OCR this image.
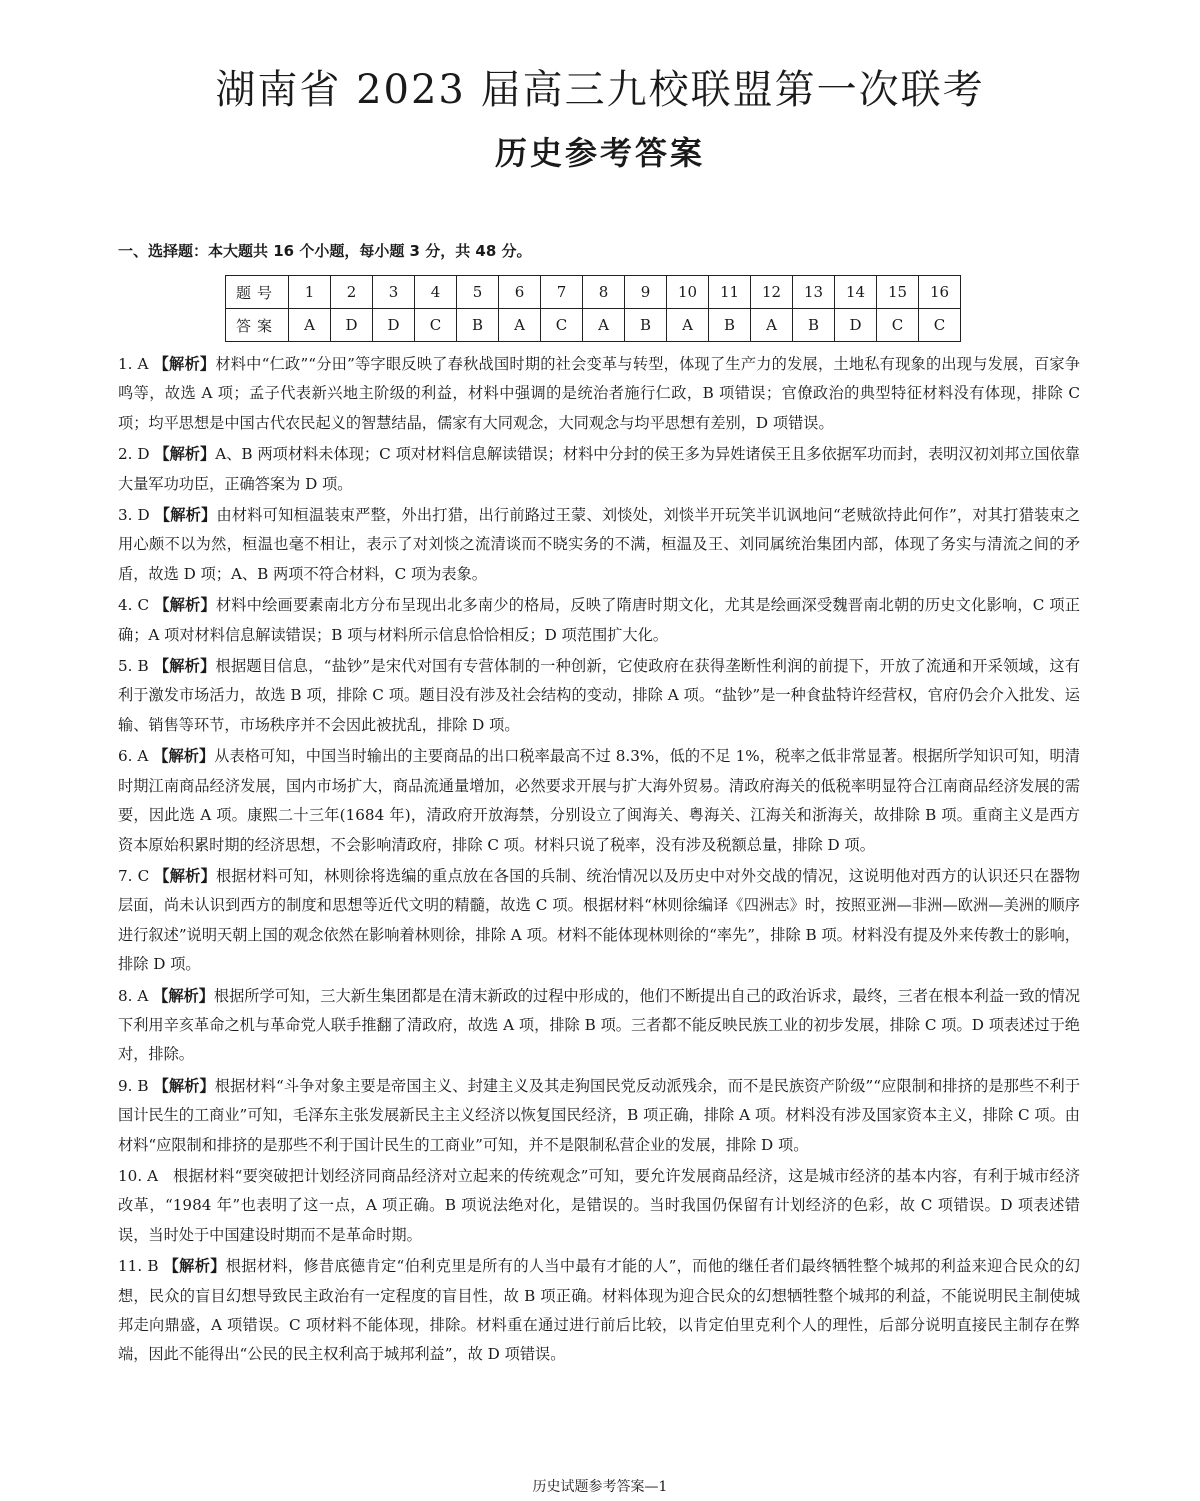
湖南省 2023 届高三九校联盟第一次联考
历史参考答案
一、选择题：本大题共 16 个小题，每小题 3 分，共 48 分。
题号	1	2	3	4	5	6	7	8	9	10	11	12	13	14	15	16
答案	A	D	D	C	B	A	C	A	B	A	B	A	B	D	C	C
1. A 【解析】材料中“仁政”“分田”等字眼反映了春秋战国时期的社会变革与转型，体现了生产力的发展，土地私有现象的出现与发展，百家争鸣等，故选 A 项；孟子代表新兴地主阶级的利益，材料中强调的是统治者施行仁政，B 项错误；官僚政治的典型特征材料没有体现，排除 C 项；均平思想是中国古代农民起义的智慧结晶，儒家有大同观念，大同观念与均平思想有差别，D 项错误。
2. D 【解析】A、B 两项材料未体现；C 项对材料信息解读错误；材料中分封的侯王多为异姓诸侯王且多依据军功而封，表明汉初刘邦立国依靠大量军功功臣，正确答案为 D 项。
3. D 【解析】由材料可知桓温装束严整，外出打猎，出行前路过王蒙、刘惔处，刘惔半开玩笑半讥讽地问“老贼欲持此何作”，对其打猎装束之用心颇不以为然，桓温也毫不相让，表示了对刘惔之流清谈而不晓实务的不满，桓温及王、刘同属统治集团内部，体现了务实与清流之间的矛盾，故选 D 项；A、B 两项不符合材料，C 项为表象。
4. C 【解析】材料中绘画要素南北方分布呈现出北多南少的格局，反映了隋唐时期文化，尤其是绘画深受魏晋南北朝的历史文化影响，C 项正确；A 项对材料信息解读错误；B 项与材料所示信息恰恰相反；D 项范围扩大化。
5. B 【解析】根据题目信息，“盐钞”是宋代对国有专营体制的一种创新，它使政府在获得垄断性利润的前提下，开放了流通和开采领域，这有利于激发市场活力，故选 B 项，排除 C 项。题目没有涉及社会结构的变动，排除 A 项。“盐钞”是一种食盐特许经营权，官府仍会介入批发、运输、销售等环节，市场秩序并不会因此被扰乱，排除 D 项。
6. A 【解析】从表格可知，中国当时输出的主要商品的出口税率最高不过 8.3%，低的不足 1%，税率之低非常显著。根据所学知识可知，明清时期江南商品经济发展，国内市场扩大，商品流通量增加，必然要求开展与扩大海外贸易。清政府海关的低税率明显符合江南商品经济发展的需要，因此选 A 项。康熙二十三年(1684 年)，清政府开放海禁，分别设立了闽海关、粤海关、江海关和浙海关，故排除 B 项。重商主义是西方资本原始积累时期的经济思想，不会影响清政府，排除 C 项。材料只说了税率，没有涉及税额总量，排除 D 项。
7. C 【解析】根据材料可知，林则徐将选编的重点放在各国的兵制、统治情况以及历史中对外交战的情况，这说明他对西方的认识还只在器物层面，尚未认识到西方的制度和思想等近代文明的精髓，故选 C 项。根据材料“林则徐编译《四洲志》时，按照亚洲—非洲—欧洲—美洲的顺序进行叙述”说明天朝上国的观念依然在影响着林则徐，排除 A 项。材料不能体现林则徐的“率先”，排除 B 项。材料没有提及外来传教士的影响，排除 D 项。
8. A 【解析】根据所学可知，三大新生集团都是在清末新政的过程中形成的，他们不断提出自己的政治诉求，最终，三者在根本利益一致的情况下利用辛亥革命之机与革命党人联手推翻了清政府，故选 A 项，排除 B 项。三者都不能反映民族工业的初步发展，排除 C 项。D 项表述过于绝对，排除。
9. B 【解析】根据材料“斗争对象主要是帝国主义、封建主义及其走狗国民党反动派残余，而不是民族资产阶级”“应限制和排挤的是那些不利于国计民生的工商业”可知，毛泽东主张发展新民主主义经济以恢复国民经济，B 项正确，排除 A 项。材料没有涉及国家资本主义，排除 C 项。由材料“应限制和排挤的是那些不利于国计民生的工商业”可知，并不是限制私营企业的发展，排除 D 项。
10. A 根据材料“要突破把计划经济同商品经济对立起来的传统观念”可知，要允许发展商品经济，这是城市经济的基本内容，有利于城市经济改革，“1984 年”也表明了这一点，A 项正确。B 项说法绝对化，是错误的。当时我国仍保留有计划经济的色彩，故 C 项错误。D 项表述错误，当时处于中国建设时期而不是革命时期。
11. B 【解析】根据材料，修昔底德肯定“伯利克里是所有的人当中最有才能的人”，而他的继任者们最终牺牲整个城邦的利益来迎合民众的幻想，民众的盲目幻想导致民主政治有一定程度的盲目性，故 B 项正确。材料体现为迎合民众的幻想牺牲整个城邦的利益，不能说明民主制使城邦走向鼎盛，A 项错误。C 项材料不能体现，排除。材料重在通过进行前后比较，以肯定伯里克利个人的理性，后部分说明直接民主制存在弊端，因此不能得出“公民的民主权利高于城邦利益”，故 D 项错误。
历史试题参考答案—1
